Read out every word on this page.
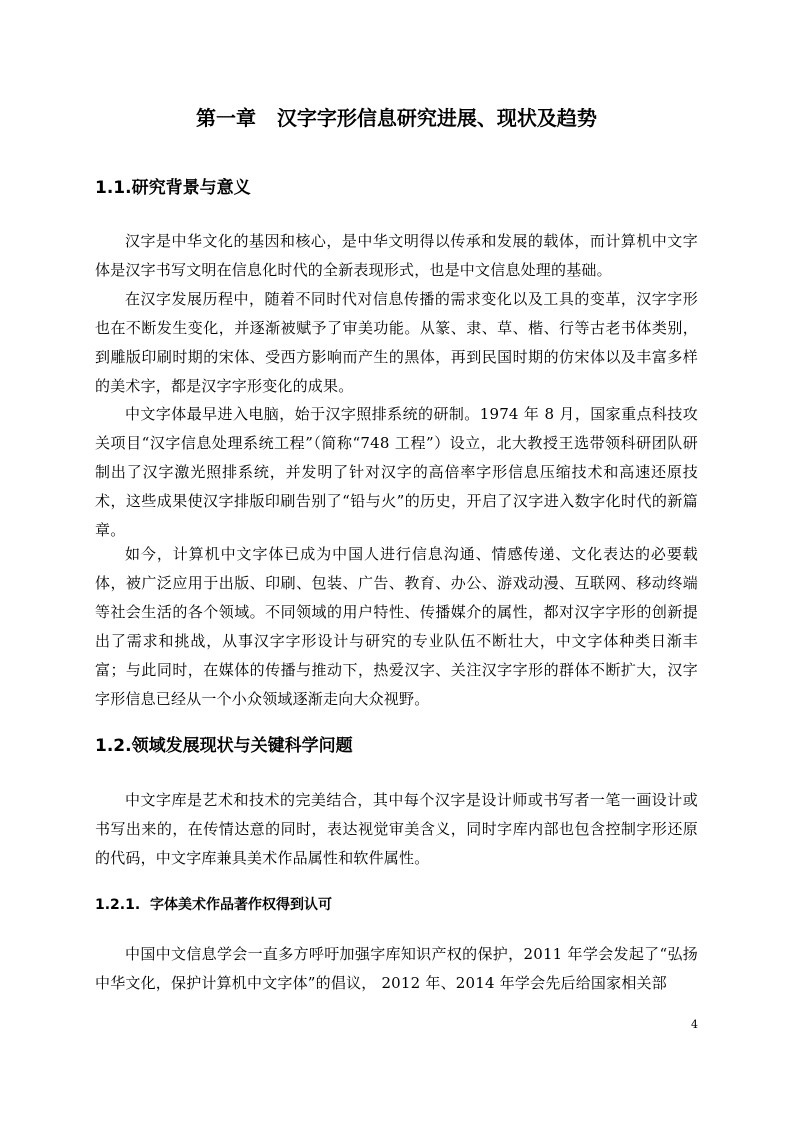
第一章   汉字字形信息研究进展、现状及趋势
1.1.研究背景与意义

汉字是中华文化的基因和核心，是中华文明得以传承和发展的载体，而计算机中文字体是汉字书写文明在信息化时代的全新表现形式，也是中文信息处理的基础。

在汉字发展历程中，随着不同时代对信息传播的需求变化以及工具的变革，汉字字形也在不断发生变化，并逐渐被赋予了审美功能。从篆、隶、草、楷、行等古老书体类别，到雕版印刷时期的宋体、受西方影响而产生的黑体，再到民国时期的仿宋体以及丰富多样的美术字，都是汉字字形变化的成果。

中文字体最早进入电脑，始于汉字照排系统的研制。1974 年 8 月，国家重点科技攻关项目“汉字信息处理系统工程”（简称“748 工程”）设立，北大教授王选带领科研团队研制出了汉字激光照排系统，并发明了针对汉字的高倍率字形信息压缩技术和高速还原技术，这些成果使汉字排版印刷告别了“铅与火”的历史，开启了汉字进入数字化时代的新篇章。

如今，计算机中文字体已成为中国人进行信息沟通、情感传递、文化表达的必要载体，被广泛应用于出版、印刷、包装、广告、教育、办公、游戏动漫、互联网、移动终端等社会生活的各个领域。不同领域的用户特性、传播媒介的属性，都对汉字字形的创新提出了需求和挑战，从事汉字字形设计与研究的专业队伍不断壮大，中文字体种类日渐丰富；与此同时，在媒体的传播与推动下，热爱汉字、关注汉字字形的群体不断扩大，汉字字形信息已经从一个小众领域逐渐走向大众视野。

1.2.领域发展现状与关键科学问题

中文字库是艺术和技术的完美结合，其中每个汉字是设计师或书写者一笔一画设计或书写出来的，在传情达意的同时，表达视觉审美含义，同时字库内部也包含控制字形还原的代码，中文字库兼具美术作品属性和软件属性。

1.2.1. 字体美术作品著作权得到认可

中国中文信息学会一直多方呼吁加强字库知识产权的保护，2011 年学会发起了“弘扬中华文化，保护计算机中文字体”的倡议， 2012 年、2014 年学会先后给国家相关部

4
